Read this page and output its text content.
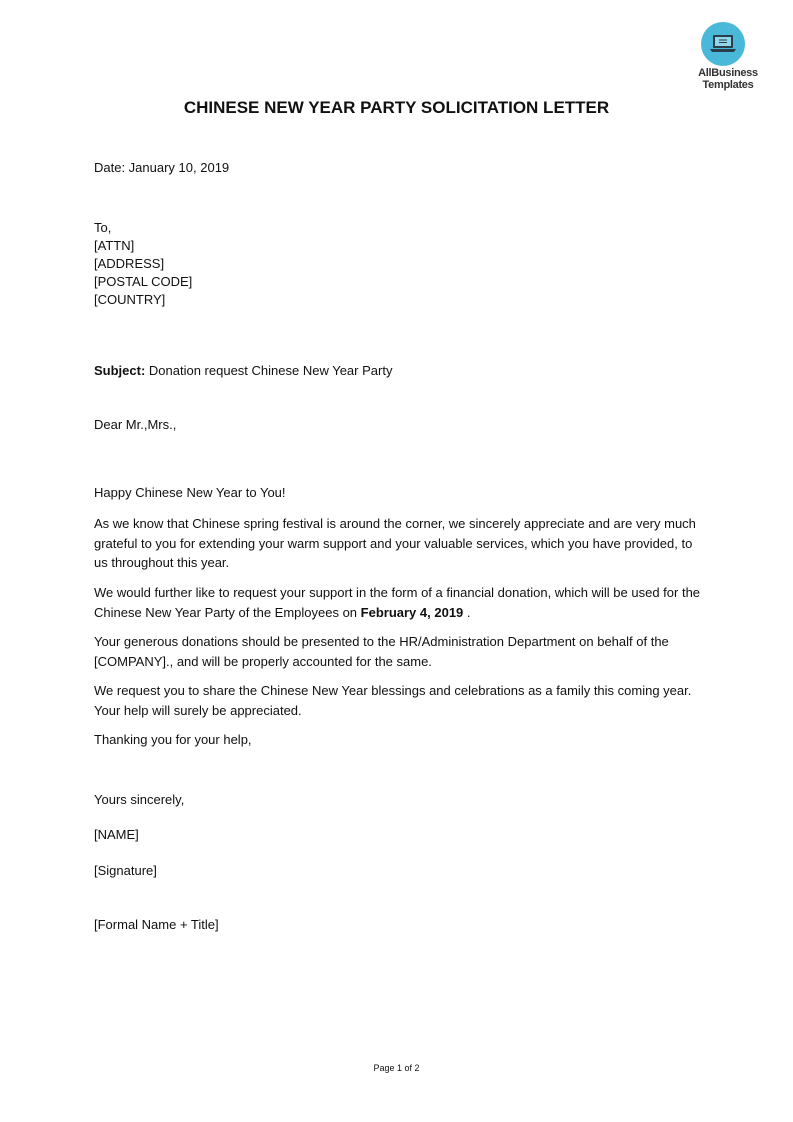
AllBusiness
Templates
CHINESE NEW YEAR PARTY SOLICITATION LETTER
Date: January 10, 2019
To,
[ATTN]
[ADDRESS]
[POSTAL CODE]
[COUNTRY]
Subject: Donation request Chinese New Year Party
Dear Mr.,Mrs.,
Happy Chinese New Year to You!
As we know that Chinese spring festival is around the corner, we sincerely appreciate and are very much grateful to you for extending your warm support and your valuable services, which you have provided, to us throughout this year.
We would further like to request your support in the form of a financial donation, which will be used for the Chinese New Year Party of the Employees on February 4, 2019 .
Your generous donations should be presented to the HR/Administration Department on behalf of the [COMPANY]., and will be properly accounted for the same.
We request you to share the Chinese New Year blessings and celebrations as a family this coming year. Your help will surely be appreciated.
Thanking you for your help,
Yours sincerely,
[NAME]
[Signature]
[Formal Name + Title]
Page 1 of 2
